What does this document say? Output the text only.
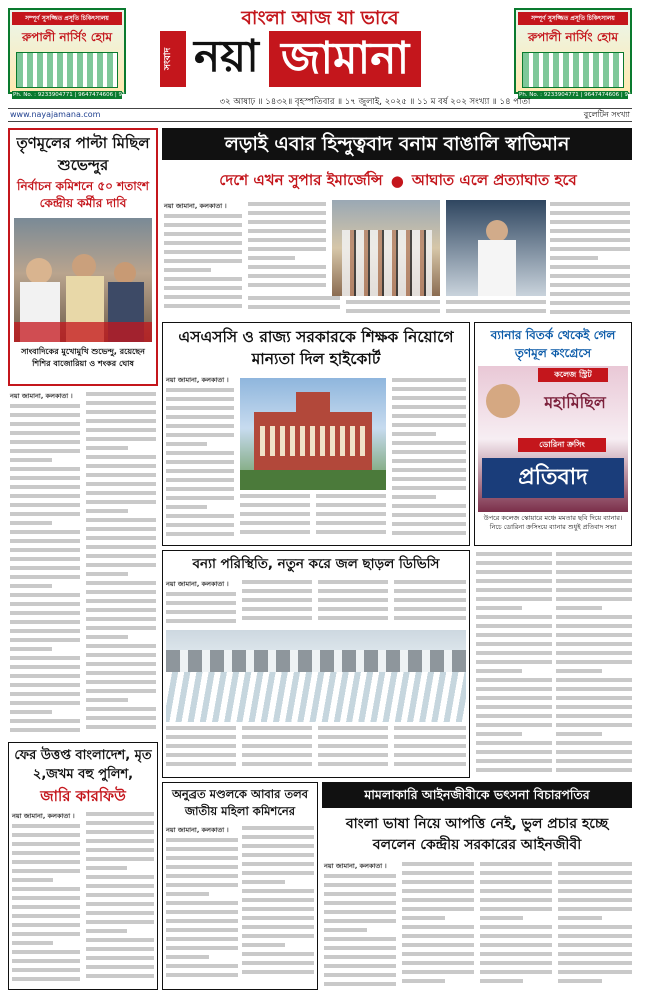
সম্পূর্ণ সুসজ্জিত প্রসূতি চিকিৎসালয়
রুপালী নার্সিং হোম
Ph. No. : 9233904771 | 9647474606 | 9153636368
সম্পূর্ণ সুসজ্জিত প্রসূতি চিকিৎসালয়
রুপালী নার্সিং হোম
Ph. No. : 9233904771 | 9647474606 | 9153636368
বাংলা আজ যা ভাবে
সংবাদ নয়া জামানা
৩২ আষাঢ় ॥ ১৪৩২॥ বৃহস্পতিবার ॥ ১৭ জুলাই, ২০২৫ ॥ ১১ ম বর্ষ ২০২ সংখ্যা ॥ ১৪ পাতা
www.nayajamana.com	বুলেটিন সংখ্যা
তৃণমূলের পাল্টা মিছিল শুভেন্দুর
নির্বাচন কমিশনে ৫০ শতাংশ কেন্দ্রীয় কর্মীর দাবি
সাংবাদিকের মুখোমুখি শুভেন্দু, রয়েছেন শিশির বাজোরিয়া ও শংকর ঘোষ
নয়া জামানা, কলকাতা ।
লড়াই এবার হিন্দুত্ববাদ বনাম বাঙালি স্বাভিমান
দেশে এখন সুপার ইমার্জেন্সি ● আঘাত এলে প্রত্যাঘাত হবে
নয়া জামানা, কলকাতা ।
এসএসসি ও রাজ্য সরকারকে শিক্ষক নিয়োগে মান্যতা দিল হাইকোর্ট
নয়া জামানা, কলকাতা ।
ব্যানার বিতর্ক থেকেই গেল তৃণমূল কংগ্রেসে
কলেজ স্ট্রিট
মহামিছিল
ডোরিনা ক্রসিং
প্রতিবাদ
উপরে কলেজ স্কোয়ারে মঞ্চে মমতার ছবি দিয়ে ব্যানার। নিচে ডোরিনা ক্রসিংয়ে ব্যানার শুধুই প্রতিবাদ সভা
বন্যা পরিস্থিতি, নতুন করে জল ছাড়ল ডিভিসি
নয়া জামানা, কলকাতা ।
ফের উত্তপ্ত বাংলাদেশ, মৃত ২,জখম বহু পুলিশ,
জারি কারফিউ
নয়া জামানা, কলকাতা ।
অনুব্রত মণ্ডলকে আবার তলব জাতীয় মহিলা কমিশনের
নয়া জামানা, কলকাতা ।
মামলাকারি আইনজীবীকে ভৎসনা বিচারপতির
বাংলা ভাষা নিয়ে আপত্তি নেই, ভুল প্রচার হচ্ছে বললেন কেন্দ্রীয় সরকারের আইনজীবী
নয়া জামানা, কলকাতা ।
